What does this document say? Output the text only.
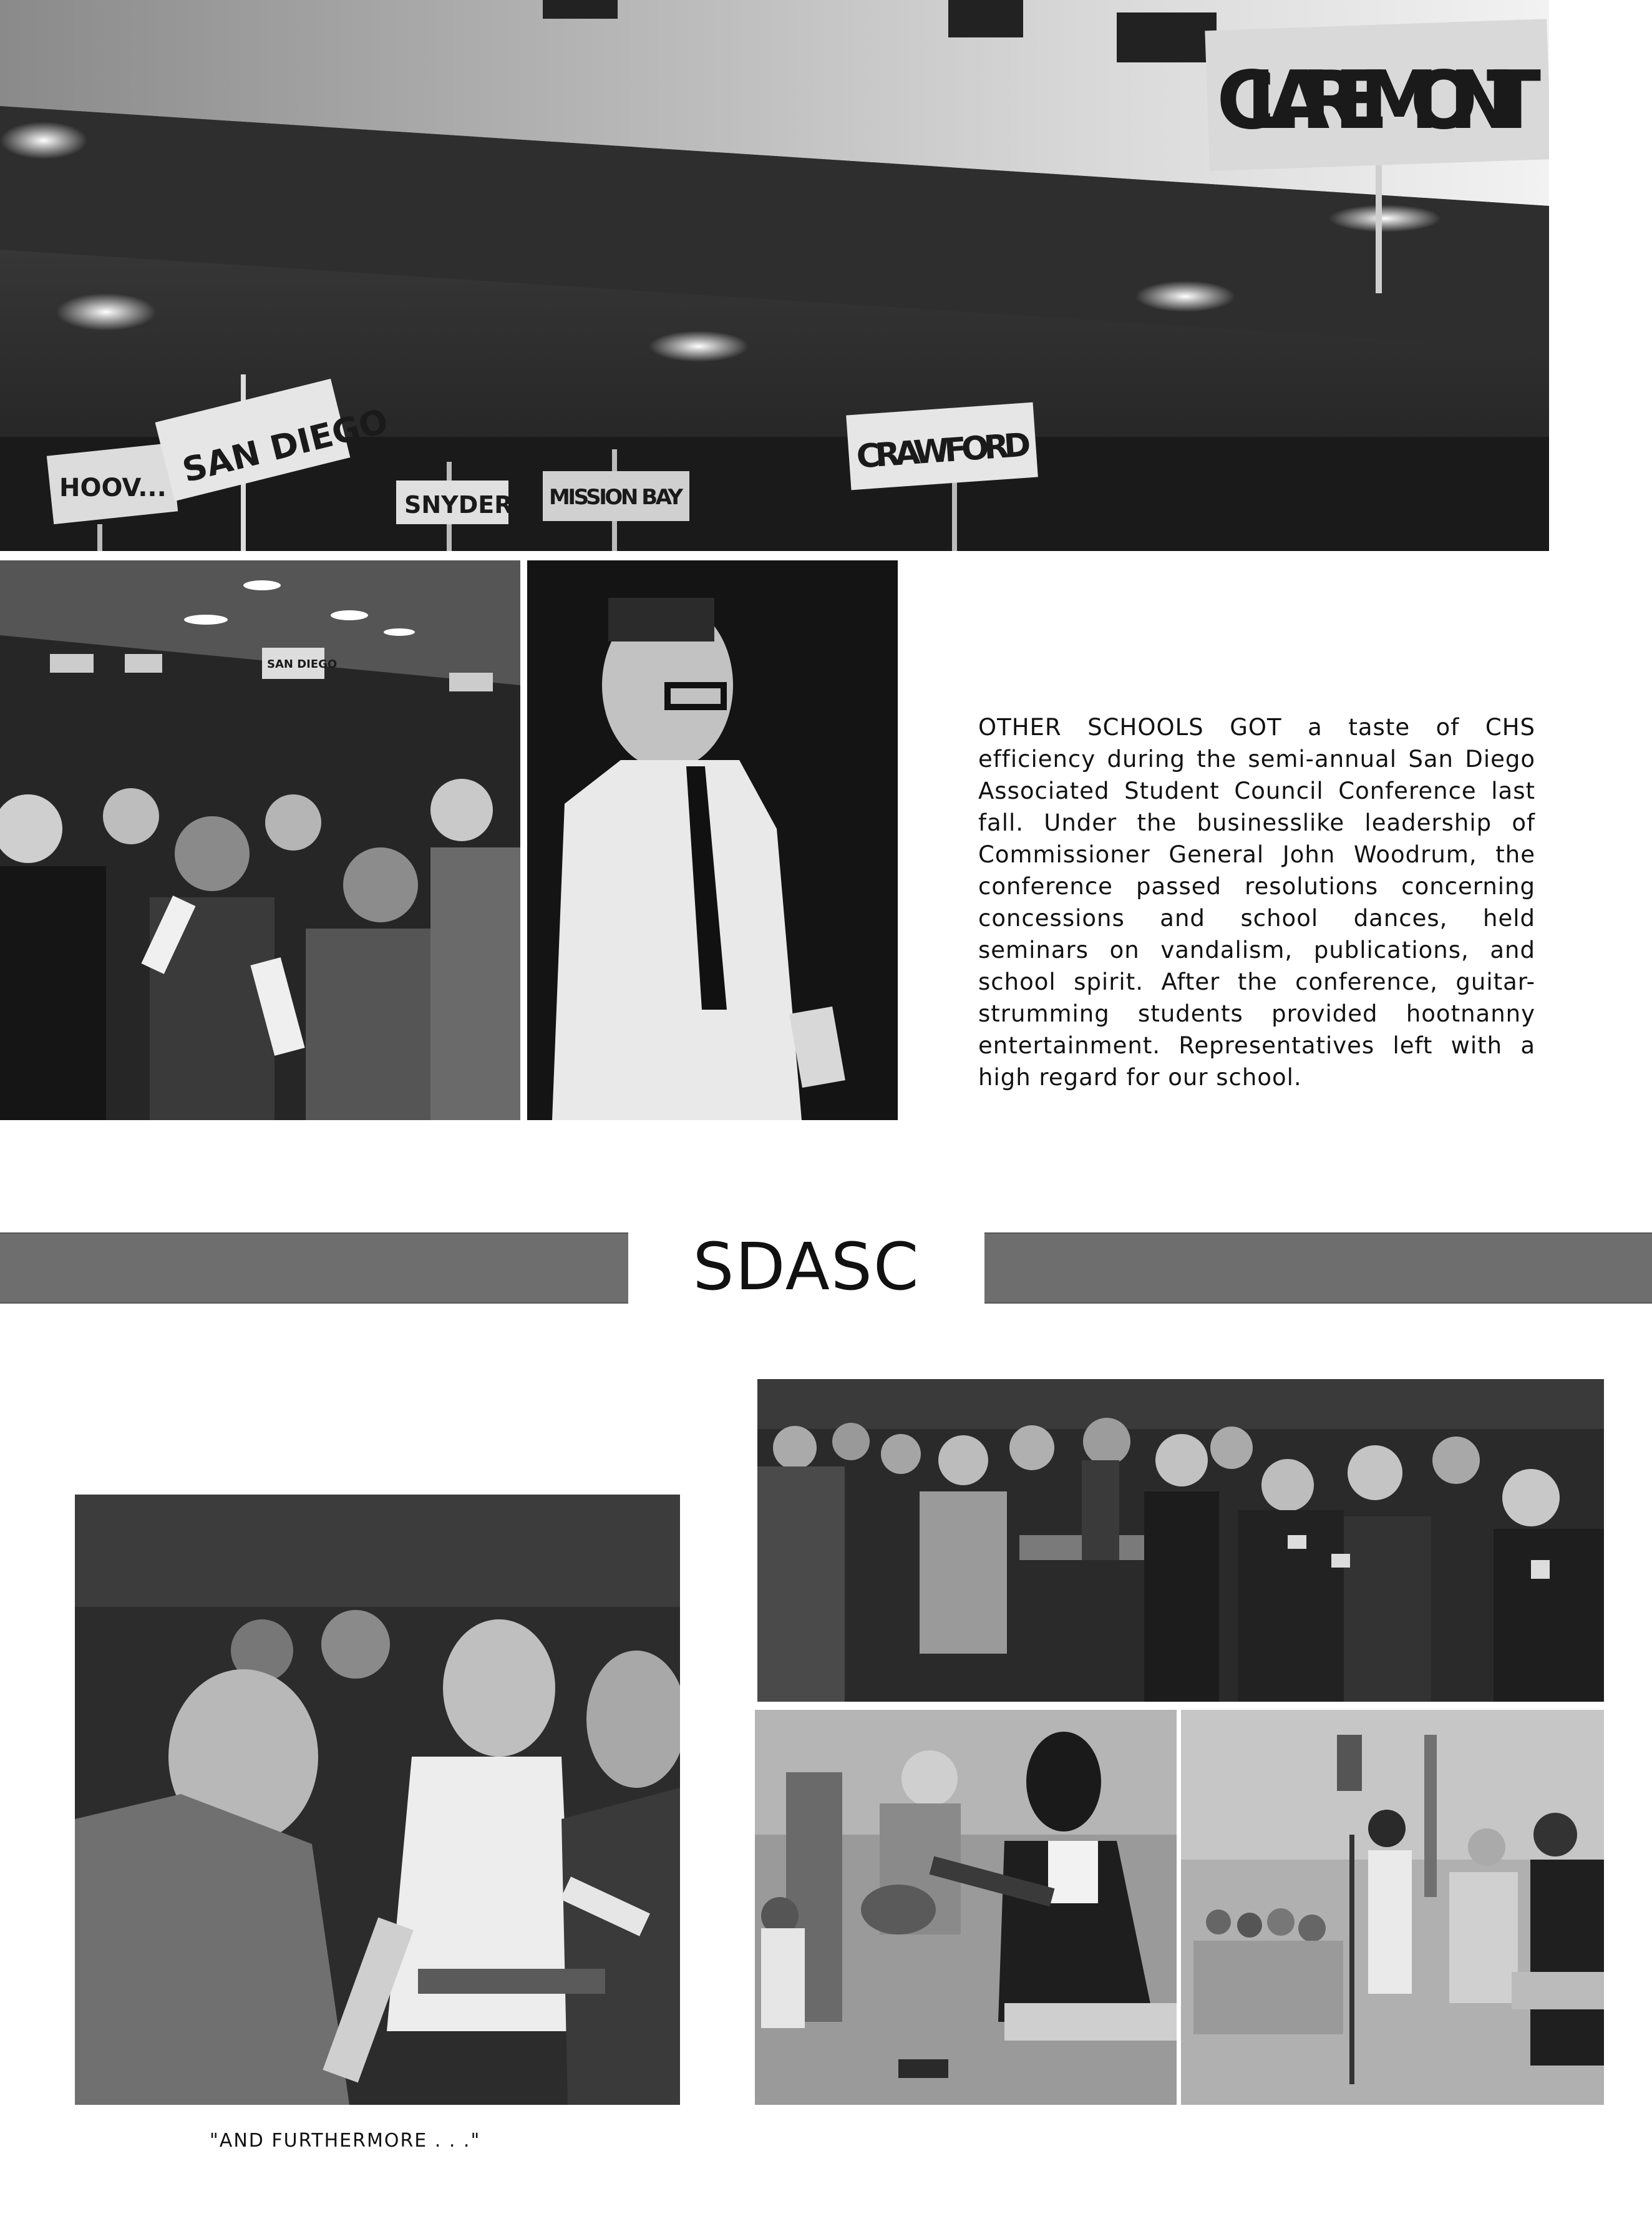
CLAIREMONT
HOOV... SAN DIEGO
SNYDER MISSION BAY
CRAWFORD
SAN DIEGO

OTHER SCHOOLS GOT a taste of CHS efficiency during the semi-annual San Diego Associated Student Council Conference last fall. Under the businesslike leadership of Commissioner General John Woodrum, the conference passed resolutions concerning concessions and school dances, held seminars on vandalism, publications, and school spirit. After the conference, guitar-strumming students provided hootnanny entertainment. Representatives left with a high regard for our school.

SDASC

"AND FURTHERMORE . . ."
